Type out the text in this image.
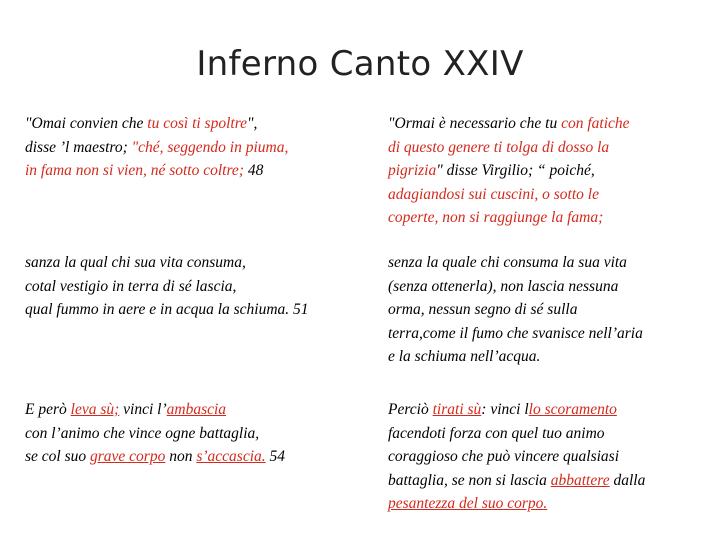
Inferno Canto XXIV
"Omai convien che tu così ti spoltre",
disse ’l maestro; "ché, seggendo in piuma,
in fama non si vien, né sotto coltre; 48
sanza la qual chi sua vita consuma,
cotal vestigio in terra di sé lascia,
qual fummo in aere e in acqua la schiuma. 51
E però leva sù; vinci l’ambascia
con l’animo che vince ogne battaglia,
se col suo grave corpo non s’accascia. 54
"Ormai è necessario che tu con fatiche
di questo genere ti tolga di dosso la
pigrizia" disse Virgilio; “ poiché,
adagiandosi sui cuscini, o sotto le
coperte, non si raggiunge la fama;
senza la quale chi consuma la sua vita
(senza ottenerla), non lascia nessuna
orma, nessun segno di sé sulla
terra,come il fumo che svanisce nell’aria
e la schiuma nell’acqua.
Perciò tirati sù: vinci llo scoramento
facendoti forza con quel tuo animo
coraggioso che può vincere qualsiasi
battaglia, se non si lascia abbattere dalla
pesantezza del suo corpo.
